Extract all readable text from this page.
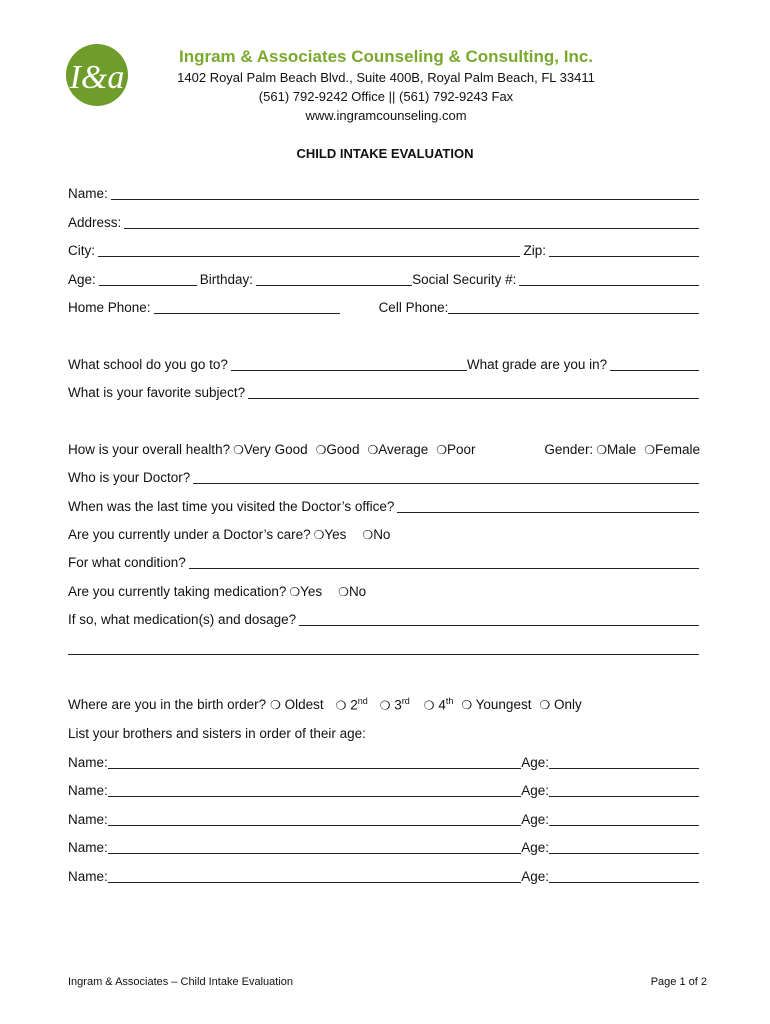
I&a
Ingram & Associates Counseling & Consulting, Inc.
1402 Royal Palm Beach Blvd., Suite 400B, Royal Palm Beach, FL 33411
(561) 792-9242 Office || (561) 792-9243 Fax
www.ingramcounseling.com
CHILD INTAKE EVALUATION
Name:
Address:
City:	Zip:
Age:	Birthday:	Social Security #:
Home Phone:	Cell Phone:
What school do you go to?	What grade are you in?
What is your favorite subject?
How is your overall health? ❍Very Good ❍Good ❍Average ❍Poor	Gender: ❍Male ❍Female
Who is your Doctor?
When was the last time you visited the Doctor’s office?
Are you currently under a Doctor’s care? ❍Yes ❍No
For what condition?
Are you currently taking medication? ❍Yes ❍No
If so, what medication(s) and dosage?
Where are you in the birth order? ❍ Oldest ❍ 2nd ❍ 3rd ❍ 4th ❍ Youngest ❍ Only
List your brothers and sisters in order of their age:
Name:	Age:
Name:	Age:
Name:	Age:
Name:	Age:
Name:	Age:
Ingram & Associates – Child Intake Evaluation	Page 1 of 2
